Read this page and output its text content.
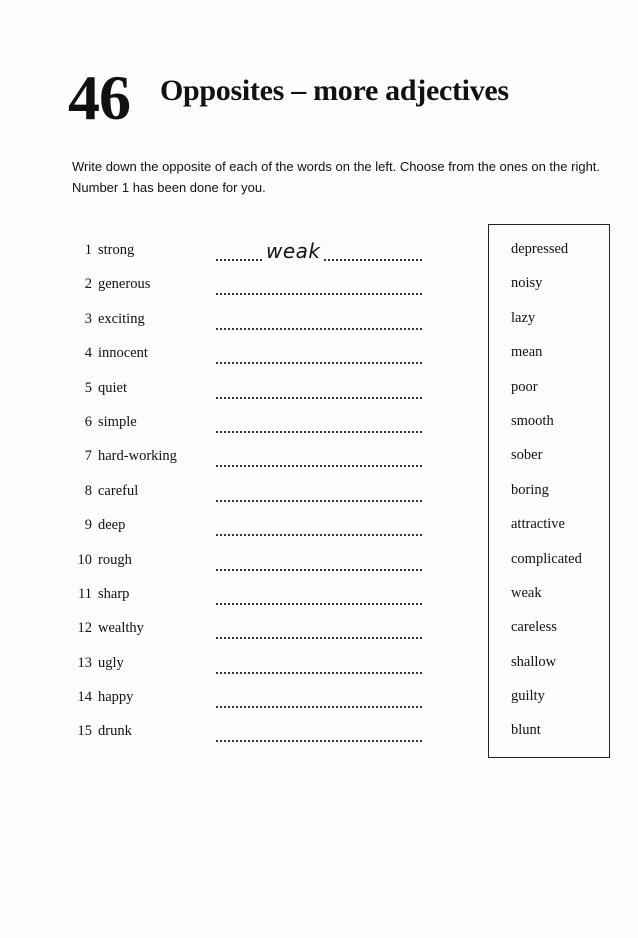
46 Opposites – more adjectives
Write down the opposite of each of the words on the left. Choose from the ones on the right. Number 1 has been done for you.
1 strong	weak
2 generous
3 exciting
4 innocent
5 quiet
6 simple
7 hard-working
8 careful
9 deep
10 rough
11 sharp
12 wealthy
13 ugly
14 happy
15 drunk
depressed
noisy
lazy
mean
poor
smooth
sober
boring
attractive
complicated
weak
careless
shallow
guilty
blunt
